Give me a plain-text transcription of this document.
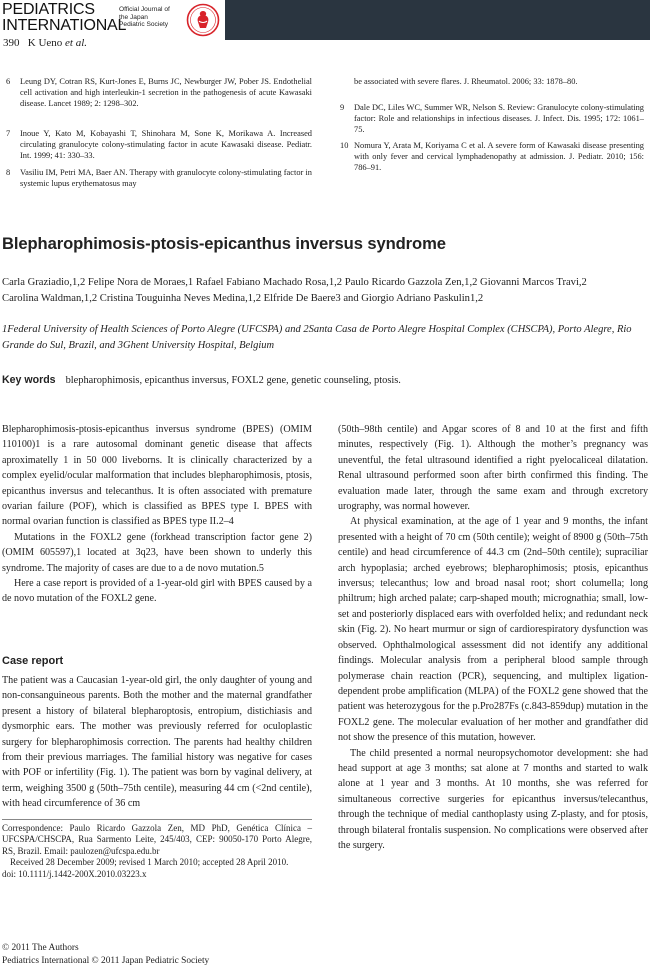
PEDIATRICS
INTERNATIONAL
Official Journal of
the Japan
Pediatric Society
390 K Ueno et al.
6 Leung DY, Cotran RS, Kurt-Jones E, Burns JC, Newburger JW, Pober JS. Endothelial cell activation and high interleukin-1 secretion in the pathogenesis of acute Kawasaki disease. Lancet 1989; 2: 1298–302.
7 Inoue Y, Kato M, Kobayashi T, Shinohara M, Sone K, Morikawa A. Increased circulating granulocyte colony-stimulating factor in acute Kawasaki disease. Pediatr. Int. 1999; 41: 330–33.
8 Vasiliu IM, Petri MA, Baer AN. Therapy with granulocyte colony-stimulating factor in systemic lupus erythematosus may
be associated with severe flares. J. Rheumatol. 2006; 33: 1878–80.
9 Dale DC, Liles WC, Summer WR, Nelson S. Review: Granulocyte colony-stimulating factor: Role and relationships in infectious diseases. J. Infect. Dis. 1995; 172: 1061–75.
10 Nomura Y, Arata M, Koriyama C et al. A severe form of Kawasaki disease presenting with only fever and cervical lymphadenopathy at admission. J. Pediatr. 2010; 156: 786–91.
Blepharophimosis-ptosis-epicanthus inversus syndrome
Carla Graziadio,1,2 Felipe Nora de Moraes,1 Rafael Fabiano Machado Rosa,1,2 Paulo Ricardo Gazzola Zen,1,2 Giovanni Marcos Travi,2 Carolina Waldman,1,2 Cristina Touguinha Neves Medina,1,2 Elfride De Baere3 and Giorgio Adriano Paskulin1,2
1Federal University of Health Sciences of Porto Alegre (UFCSPA) and 2Santa Casa de Porto Alegre Hospital Complex (CHSCPA), Porto Alegre, Rio Grande do Sul, Brazil, and 3Ghent University Hospital, Belgium
Key words blepharophimosis, epicanthus inversus, FOXL2 gene, genetic counseling, ptosis.

Blepharophimosis-ptosis-epicanthus inversus syndrome (BPES) (OMIM 110100)1 is a rare autosomal dominant genetic disease that affects aproximatelly 1 in 50 000 liveborns. It is clinically characterized by a complex eyelid/ocular malformation that includes blepharophimosis, ptosis, epicanthus inversus and telecanthus. It is often associated with premature ovarian failure (POF), which is classified as BPES type I. BPES with normal ovarian function is classified as BPES type II.2–4

Mutations in the FOXL2 gene (forkhead transcription factor gene 2) (OMIM 605597),1 located at 3q23, have been shown to underly this syndrome. The majority of cases are due to a de novo mutation.5

Here a case report is provided of a 1-year-old girl with BPES caused by a de novo mutation of the FOXL2 gene.

Case report

The patient was a Caucasian 1-year-old girl, the only daughter of young and non-consanguineous parents. Both the mother and the maternal grandfather present a history of bilateral blepharoptosis, entropium, distichiasis and dysmorphic ears. The mother was previously referred for oculoplastic surgery for blepharophimosis correction. The parents had healthy children from their previous marriages. The familial history was negative for cases with POF or infertility (Fig. 1). The patient was born by vaginal delivery, at term, weighing 3500 g (50th–75th centile), measuring 44 cm (<2nd centile), with head circumference of 36 cm

Correspondence: Paulo Ricardo Gazzola Zen, MD PhD, Genética Clínica – UFCSPA/CHSCPA, Rua Sarmento Leite, 245/403, CEP: 90050-170 Porto Alegre, RS, Brazil. Email: paulozen@ufcspa.edu.br

Received 28 December 2009; revised 1 March 2010; accepted 28 April 2010.

doi: 10.1111/j.1442-200X.2010.03223.x

(50th–98th centile) and Apgar scores of 8 and 10 at the first and fifth minutes, respectively (Fig. 1). Although the mother’s pregnancy was uneventful, the fetal ultrasound identified a right pyelocaliceal dilatation. Renal ultrasound performed soon after birth confirmed this finding. The evaluation made later, through the same exam and through excretory urography, was normal however.

At physical examination, at the age of 1 year and 9 months, the infant presented with a height of 70 cm (50th centile); weight of 8900 g (50th–75th centile) and head circumference of 44.3 cm (2nd–50th centile); supraciliar arch hypoplasia; arched eyebrows; blepharophimosis; ptosis, epicanthus inversus; telecanthus; low and broad nasal root; short columella; long philtrum; high arched palate; carp-shaped mouth; micrognathia; small, low-set and posteriorly displaced ears with overfolded helix; and redundant neck skin (Fig. 2). No heart murmur or sign of cardiorespiratory dysfunction was observed. Ophthalmological assessment did not identify any additional findings. Molecular analysis from a peripheral blood sample through polymerase chain reaction (PCR), sequencing, and multiplex ligation-dependent probe amplification (MLPA) of the FOXL2 gene showed that the patient was heterozygous for the p.Pro287Fs (c.843-859dup) mutation in the FOXL2 gene. The molecular evaluation of her mother and grandfather did not show the presence of this mutation, however.

The child presented a normal neuropsychomotor development: she had head support at age 3 months; sat alone at 7 months and started to walk alone at 1 year and 3 months. At 10 months, she was referred for simultaneous corrective surgeries for epicanthus inversus/telecanthus, through the technique of medial canthoplasty using Z-plasty, and for ptosis, through bilateral frontalis suspension. No complications were observed after the surgery.

© 2011 The Authors
Pediatrics International © 2011 Japan Pediatric Society
